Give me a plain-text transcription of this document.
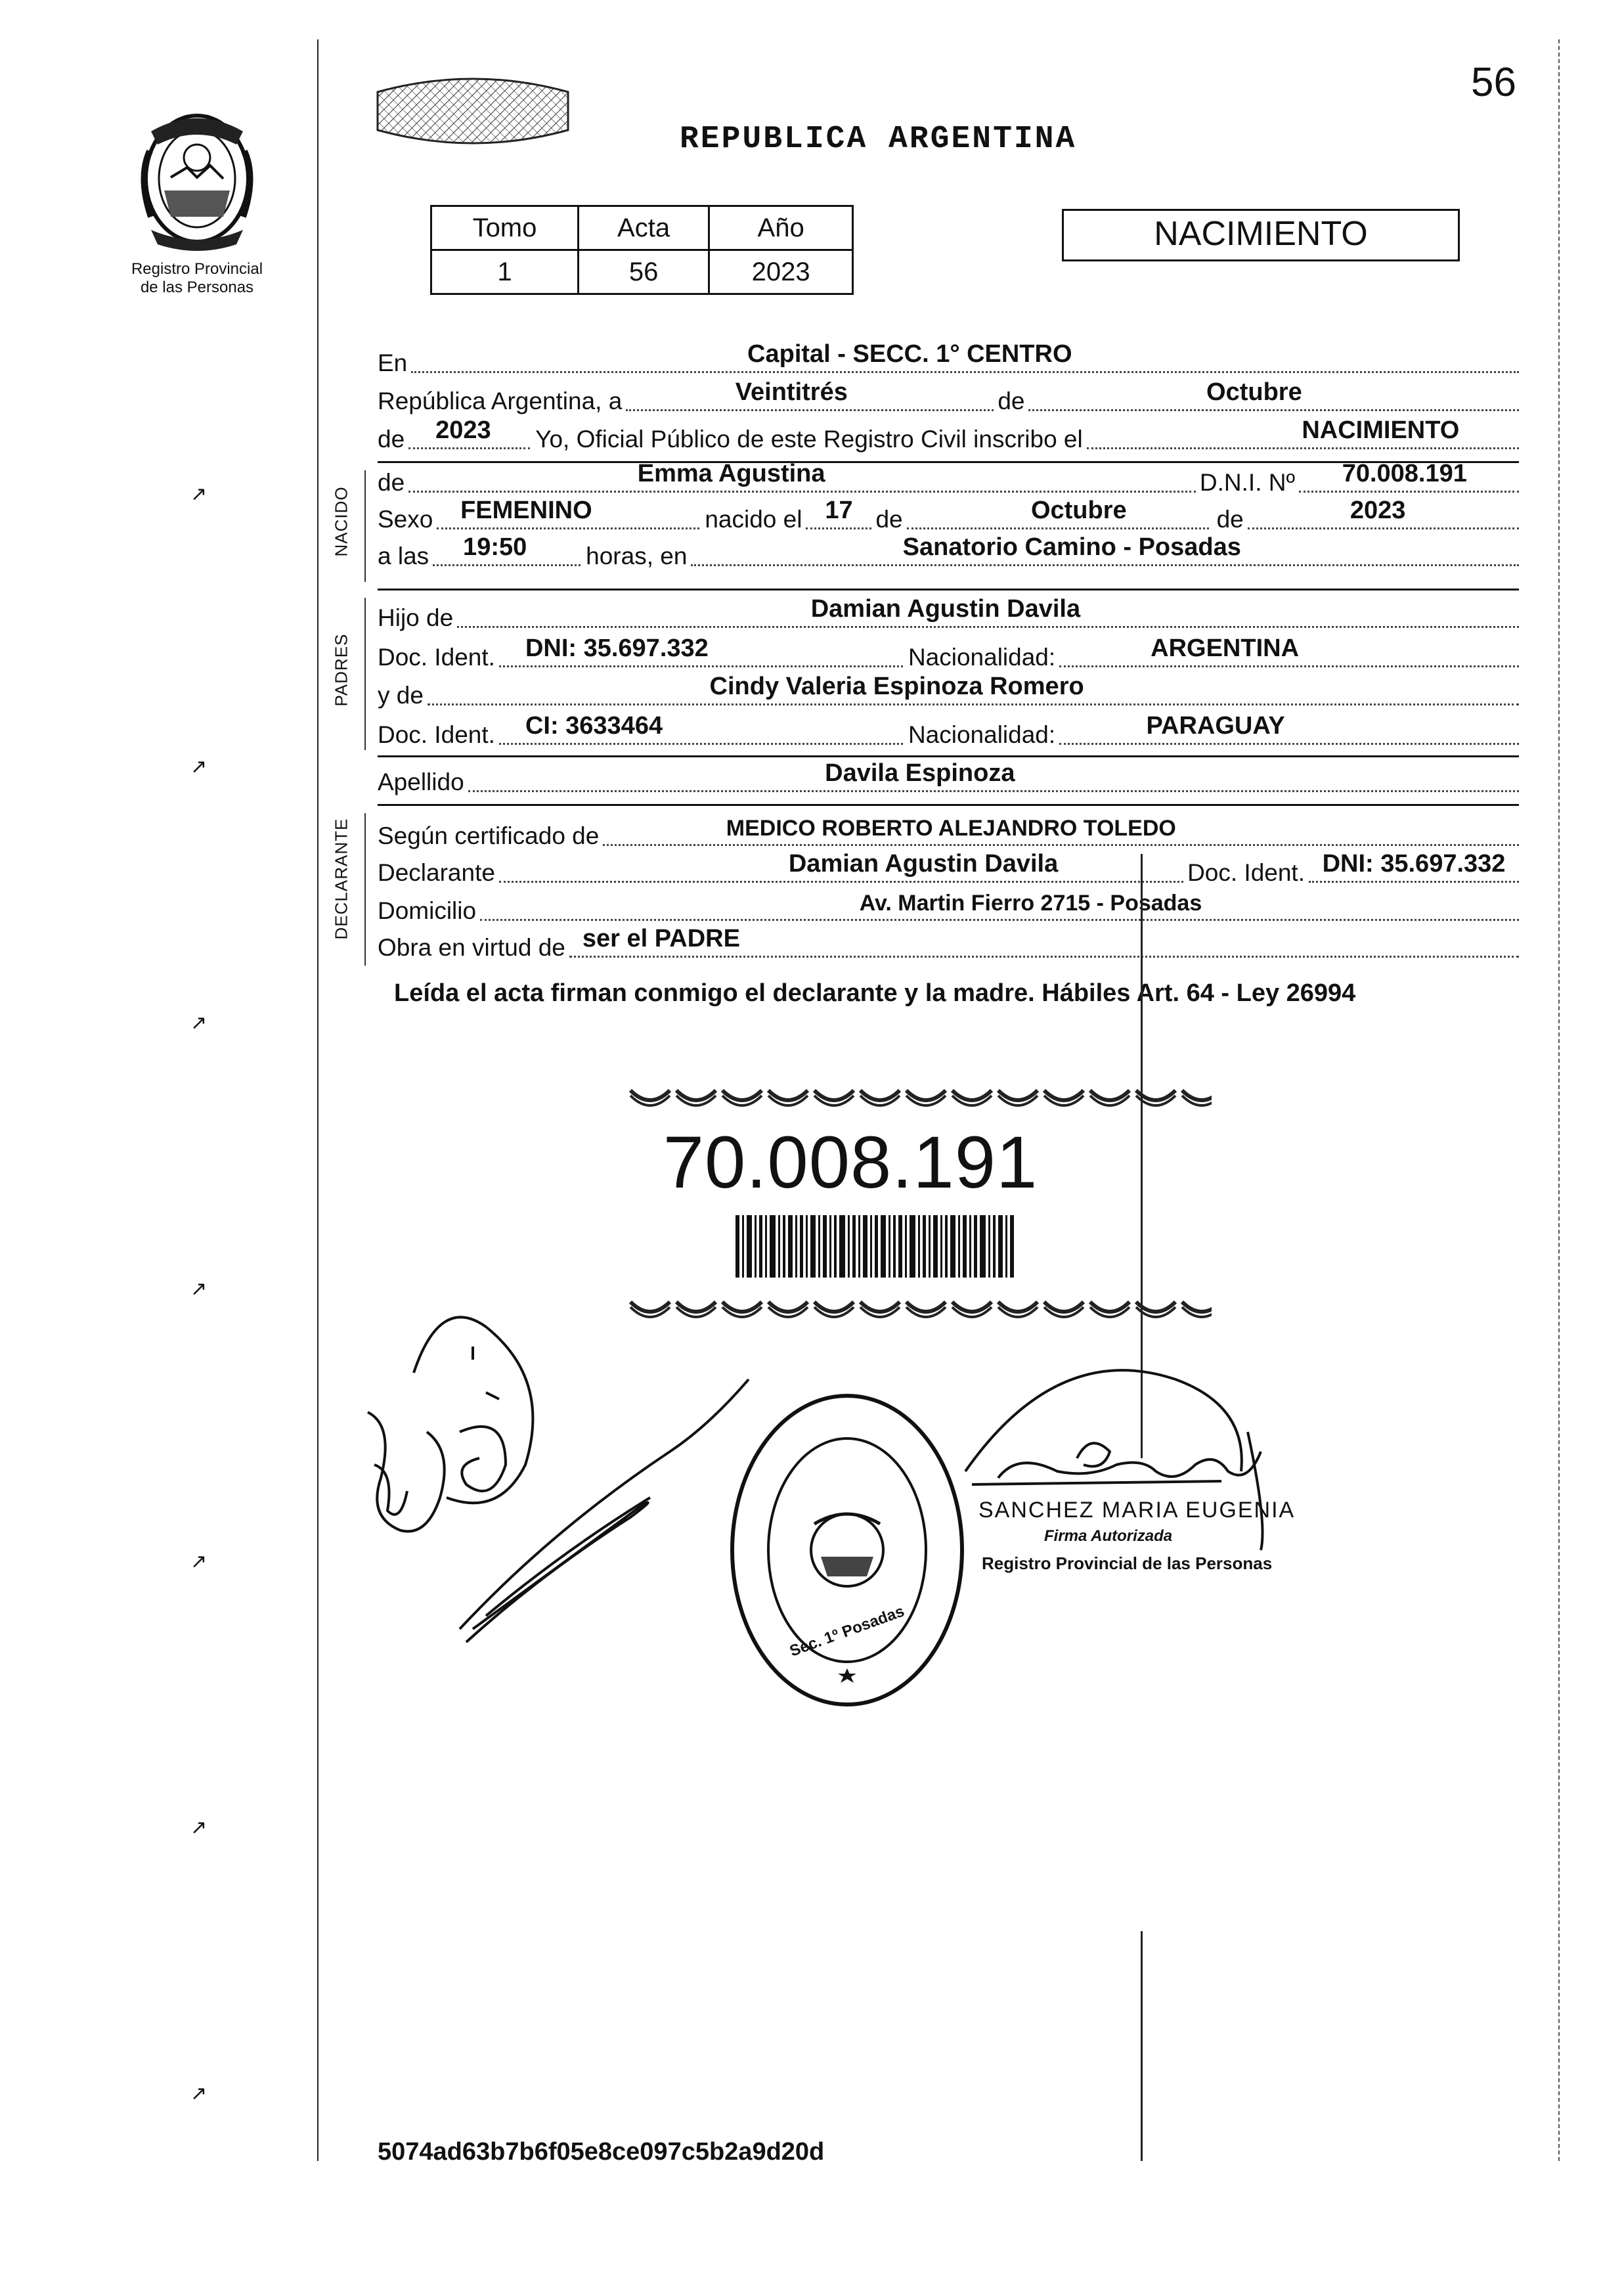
Registro Provincial
de las Personas
REPUBLICA ARGENTINA
56
Tomo	Acta	Año
1	56	2023
NACIMIENTO
En	Capital - SECC. 1° CENTRO
República Argentina, a	Veintitrés	de	Octubre
de 2023 Yo, Oficial Público de este Registro Civil inscribo el	NACIMIENTO
NACIDO
de	Emma Agustina	D.N.I. Nº 70.008.191
Sexo FEMENINO	nacido el 17 de	Octubre	de	2023
a las 19:50 horas, en	Sanatorio Camino - Posadas
PADRES
Hijo de	Damian Agustin Davila
Doc. Ident. DNI: 35.697.332	Nacionalidad:	ARGENTINA
y de	Cindy Valeria Espinoza Romero
Doc. Ident. CI: 3633464	Nacionalidad:	PARAGUAY
Apellido	Davila Espinoza
DECLARANTE Según certificado de	MEDICO ROBERTO ALEJANDRO TOLEDO
Declarante	Damian Agustin Davila	Doc. Ident. DNI: 35.697.332
Domicilio	Av. Martin Fierro 2715 - Posadas
Obra en virtud de ser el PADRE
Leída el acta firman conmigo el declarante y la madre. Hábiles Art. 64 - Ley 26994
70.008.191
Sec. 1º Posadas
SANCHEZ MARIA EUGENIA
Firma Autorizada
Registro Provincial de las Personas
↗
↗
↗
↗
↗
↗
↗
5074ad63b7b6f05e8ce097c5b2a9d20d
